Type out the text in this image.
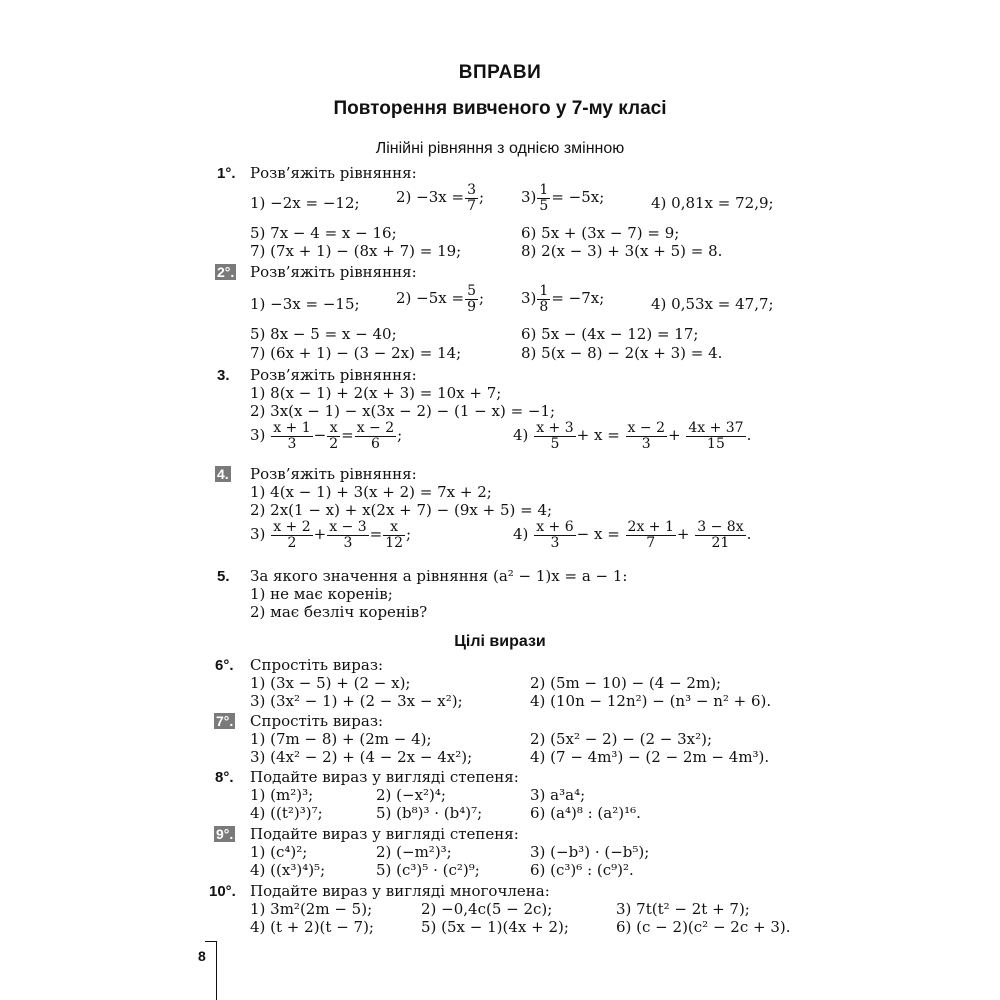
ВПРАВИ
Повторення вивченого у 7-му класі
Лінійні рівняння з однією змінною
1°. Розв’яжіть рівняння:
1) −2x = −12; $2) -3x = \frac{3}{7}$ ; $3) \frac{1}{5} = -5x$;	4) 0,81x = 72,9;
5) 7x − 4 = x − 16;	6) 5x + (3x − 7) = 9;
7) (7x + 1) − (8x + 7) = 19;	8) 2(x − 3) + 3(x + 5) = 8.
2°. Розв’яжіть рівняння:
1) −3x = −15; $2) -5x = \frac{5}{9}$ ; $3) \frac{1}{8} = -7x$;	4) 0,53x = 47,7;
5) 8x − 5 = x − 40;	6) 5x − (4x − 12) = 17;
7) (6x + 1) − (3 − 2x) = 14;	8) 5(x − 8) − 2(x + 3) = 4.
3. Розв’яжіть рівняння:
1) 8(x − 1) + 2(x + 3) = 10x + 7;
2) 3x(x − 1) − x(3x − 2) − (1 − x) = −1;
$3) \frac{x + 1}{3} - \frac{x}{2} = \frac{x - 2}{6}$ ;	$4) \frac{x + 3}{5} + x = \frac{x - 2}{3} + \frac{4x + 37}{15}$ .
4. Розв’яжіть рівняння:
1) 4(x − 1) + 3(x + 2) = 7x + 2;
2) 2x(1 − x) + x(2x + 7) − (9x + 5) = 4;
$3) \frac{x + 2}{2} + \frac{x - 3}{3} = \frac{x}{12}$ ;	$4) \frac{x + 6}{3} - x = \frac{2x + 1}{7} + \frac{3 - 8x}{21}$ .
5. За якого значення a рівняння (a² − 1)x = a − 1:
1) не має коренів;
2) має безліч коренів?
Цілі вирази
6°. Спростіть вираз:
1) (3x − 5) + (2 − x);	2) (5m − 10) − (4 − 2m);
3) (3x² − 1) + (2 − 3x − x²);	4) (10n − 12n²) − (n³ − n² + 6).
7°. Спростіть вираз:
1) (7m − 8) + (2m − 4);	2) (5x² − 2) − (2 − 3x²);
3) (4x² − 2) + (4 − 2x − 4x²);	4) (7 − 4m³) − (2 − 2m − 4m³).
8°. Подайте вираз у вигляді степеня:
1) (m²)³;	2) (−x²)⁴;	3) a³a⁴;
4) ((t²)³)⁷;	5) (b⁸)³ · (b⁴)⁷;	6) (a⁴)⁸ : (a²)¹⁶.
9°. Подайте вираз у вигляді степеня:
1) (c⁴)²;	2) (−m²)³;	3) (−b³) · (−b⁵);
4) ((x³)⁴)⁵;	5) (c³)⁵ · (c²)⁹;	6) (c³)⁶ : (c⁹)².
10°. Подайте вираз у вигляді многочлена:
1) 3m²(2m − 5);	2) −0,4c(5 − 2c);	3) 7t(t² − 2t + 7);
4) (t + 2)(t − 7);	5) (5x − 1)(4x + 2);	6) (c − 2)(c² − 2c + 3).
8
